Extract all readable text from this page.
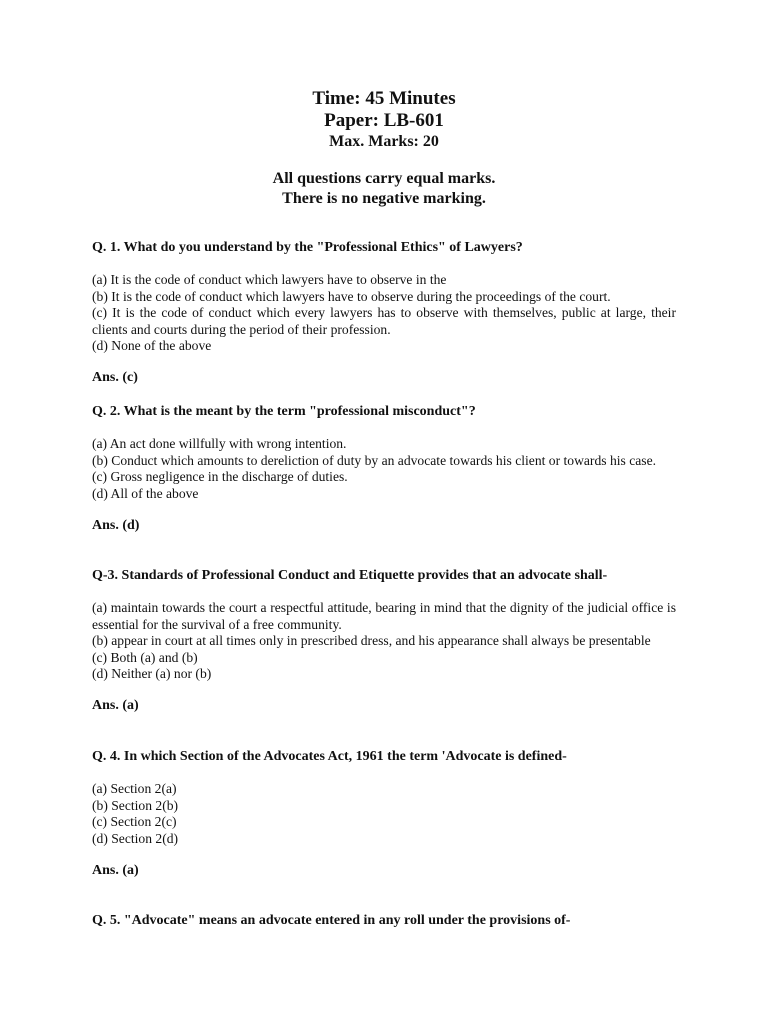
Time: 45 Minutes
Paper: LB-601
Max. Marks: 20
All questions carry equal marks.
There is no negative marking.
Q. 1. What do you understand by the "Professional Ethics" of Lawyers?
(a) It is the code of conduct which lawyers have to observe in the
(b) It is the code of conduct which lawyers have to observe during the proceedings of the court.
(c) It is the code of conduct which every lawyers has to observe with themselves, public at large, their clients and courts during the period of their profession.
(d) None of the above
Ans. (c)
Q. 2. What is the meant by the term "professional misconduct"?
(a) An act done willfully with wrong intention.
(b) Conduct which amounts to dereliction of duty by an advocate towards his client or towards his case.
(c) Gross negligence in the discharge of duties.
(d) All of the above
Ans. (d)
Q-3. Standards of Professional Conduct and Etiquette provides that an advocate shall-
(a) maintain towards the court a respectful attitude, bearing in mind that the dignity of the judicial office is essential for the survival of a free community.
(b) appear in court at all times only in prescribed dress, and his appearance shall always be presentable
(c) Both (a) and (b)
(d) Neither (a) nor (b)
Ans. (a)
Q. 4. In which Section of the Advocates Act, 1961 the term 'Advocate is defined-
(a) Section 2(a)
(b) Section 2(b)
(c) Section 2(c)
(d) Section 2(d)
Ans. (a)
Q. 5. "Advocate" means an advocate entered in any roll under the provisions of-
